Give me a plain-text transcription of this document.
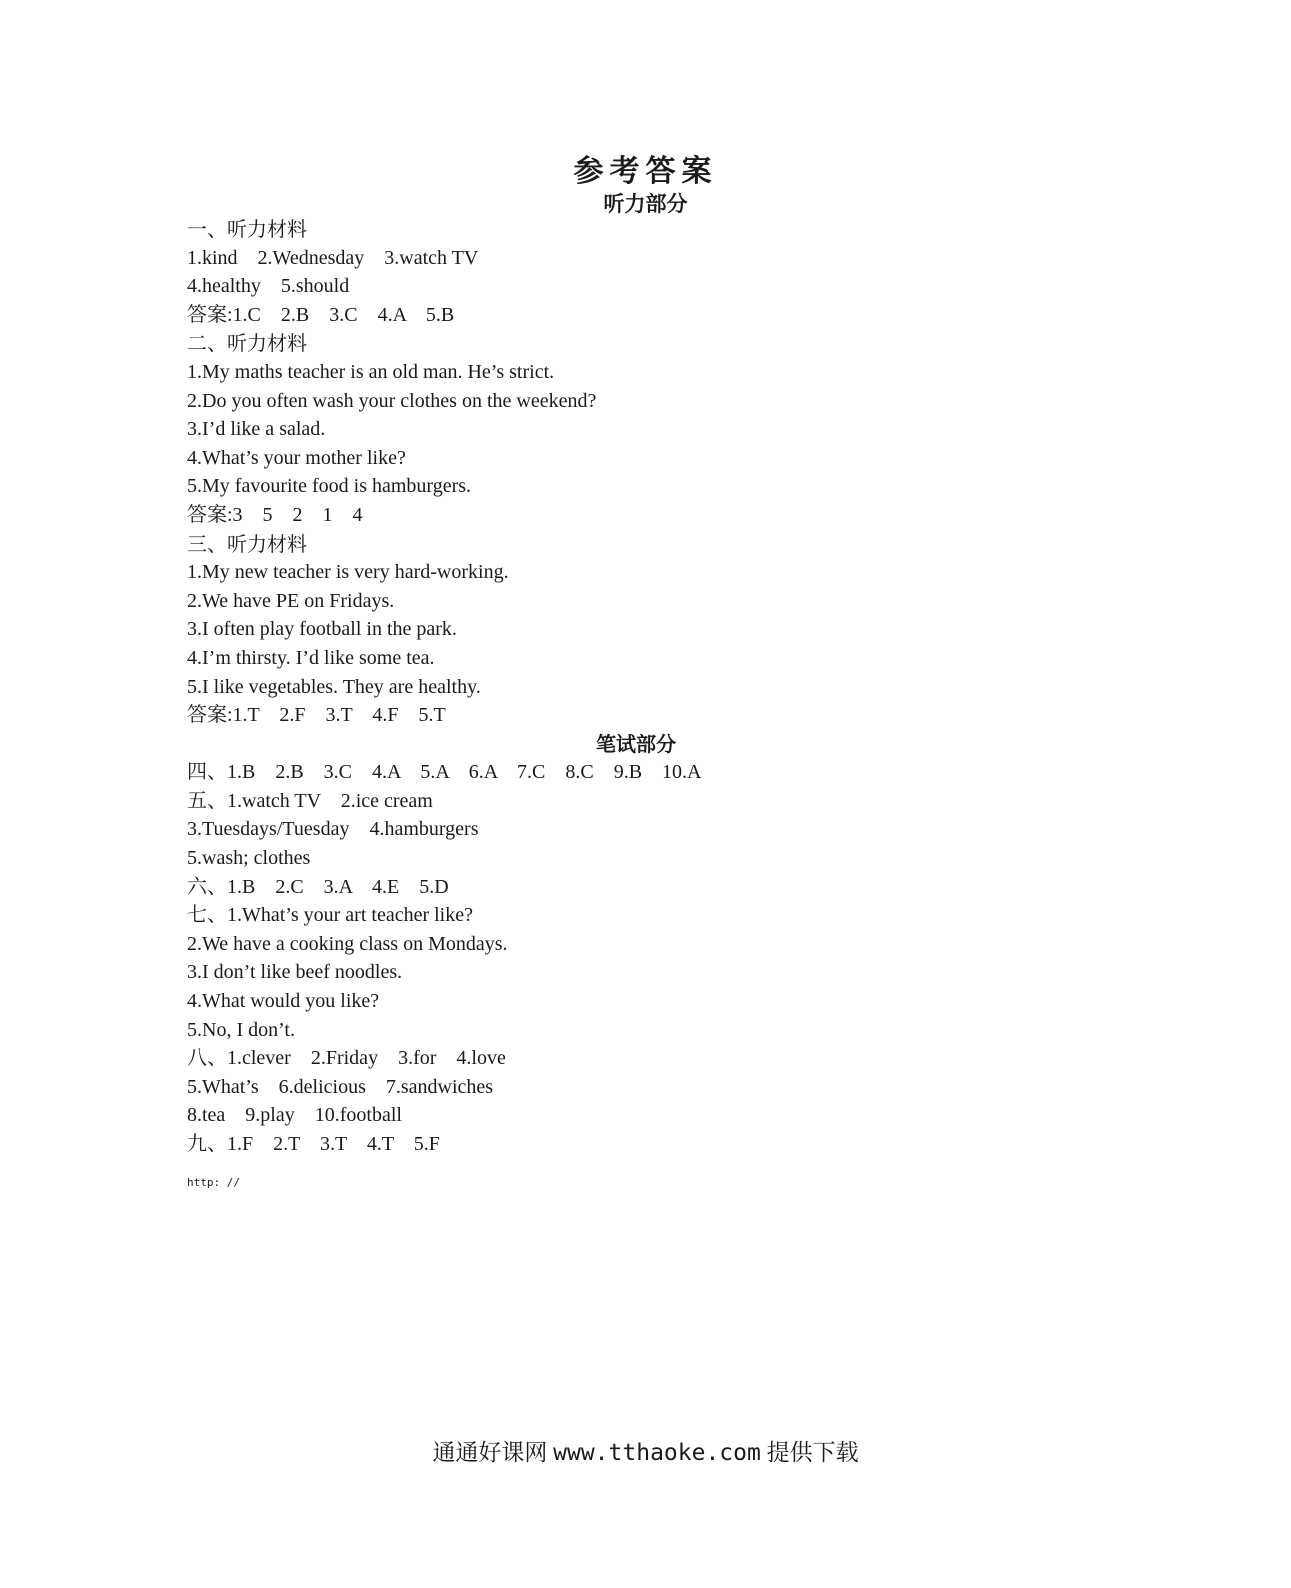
参考答案
听力部分
一、听力材料
1.kind    2.Wednesday    3.watch TV
4.healthy    5.should
答案:1.C    2.B    3.C    4.A    5.B
二、听力材料
1.My maths teacher is an old man. He’s strict.
2.Do you often wash your clothes on the weekend?
3.I’d like a salad.
4.What’s your mother like?
5.My favourite food is hamburgers.
答案:3    5    2    1    4
三、听力材料
1.My new teacher is very hard-working.
2.We have PE on Fridays.
3.I often play football in the park.
4.I’m thirsty. I’d like some tea.
5.I like vegetables. They are healthy.
答案:1.T    2.F    3.T    4.F    5.T
笔试部分
四、1.B    2.B    3.C    4.A    5.A    6.A    7.C    8.C    9.B    10.A
五、1.watch TV    2.ice cream
3.Tuesdays/Tuesday    4.hamburgers
5.wash; clothes
六、1.B    2.C    3.A    4.E    5.D
七、1.What’s your art teacher like?
2.We have a cooking class on Mondays.
3.I don’t like beef noodles.
4.What would you like?
5.No, I don’t.
八、1.clever    2.Friday    3.for    4.love
5.What’s    6.delicious    7.sandwiches
8.tea    9.play    10.football
九、1.F    2.T    3.T    4.T    5.F
http: //
通通好课网 www.tthaoke.com 提供下载
